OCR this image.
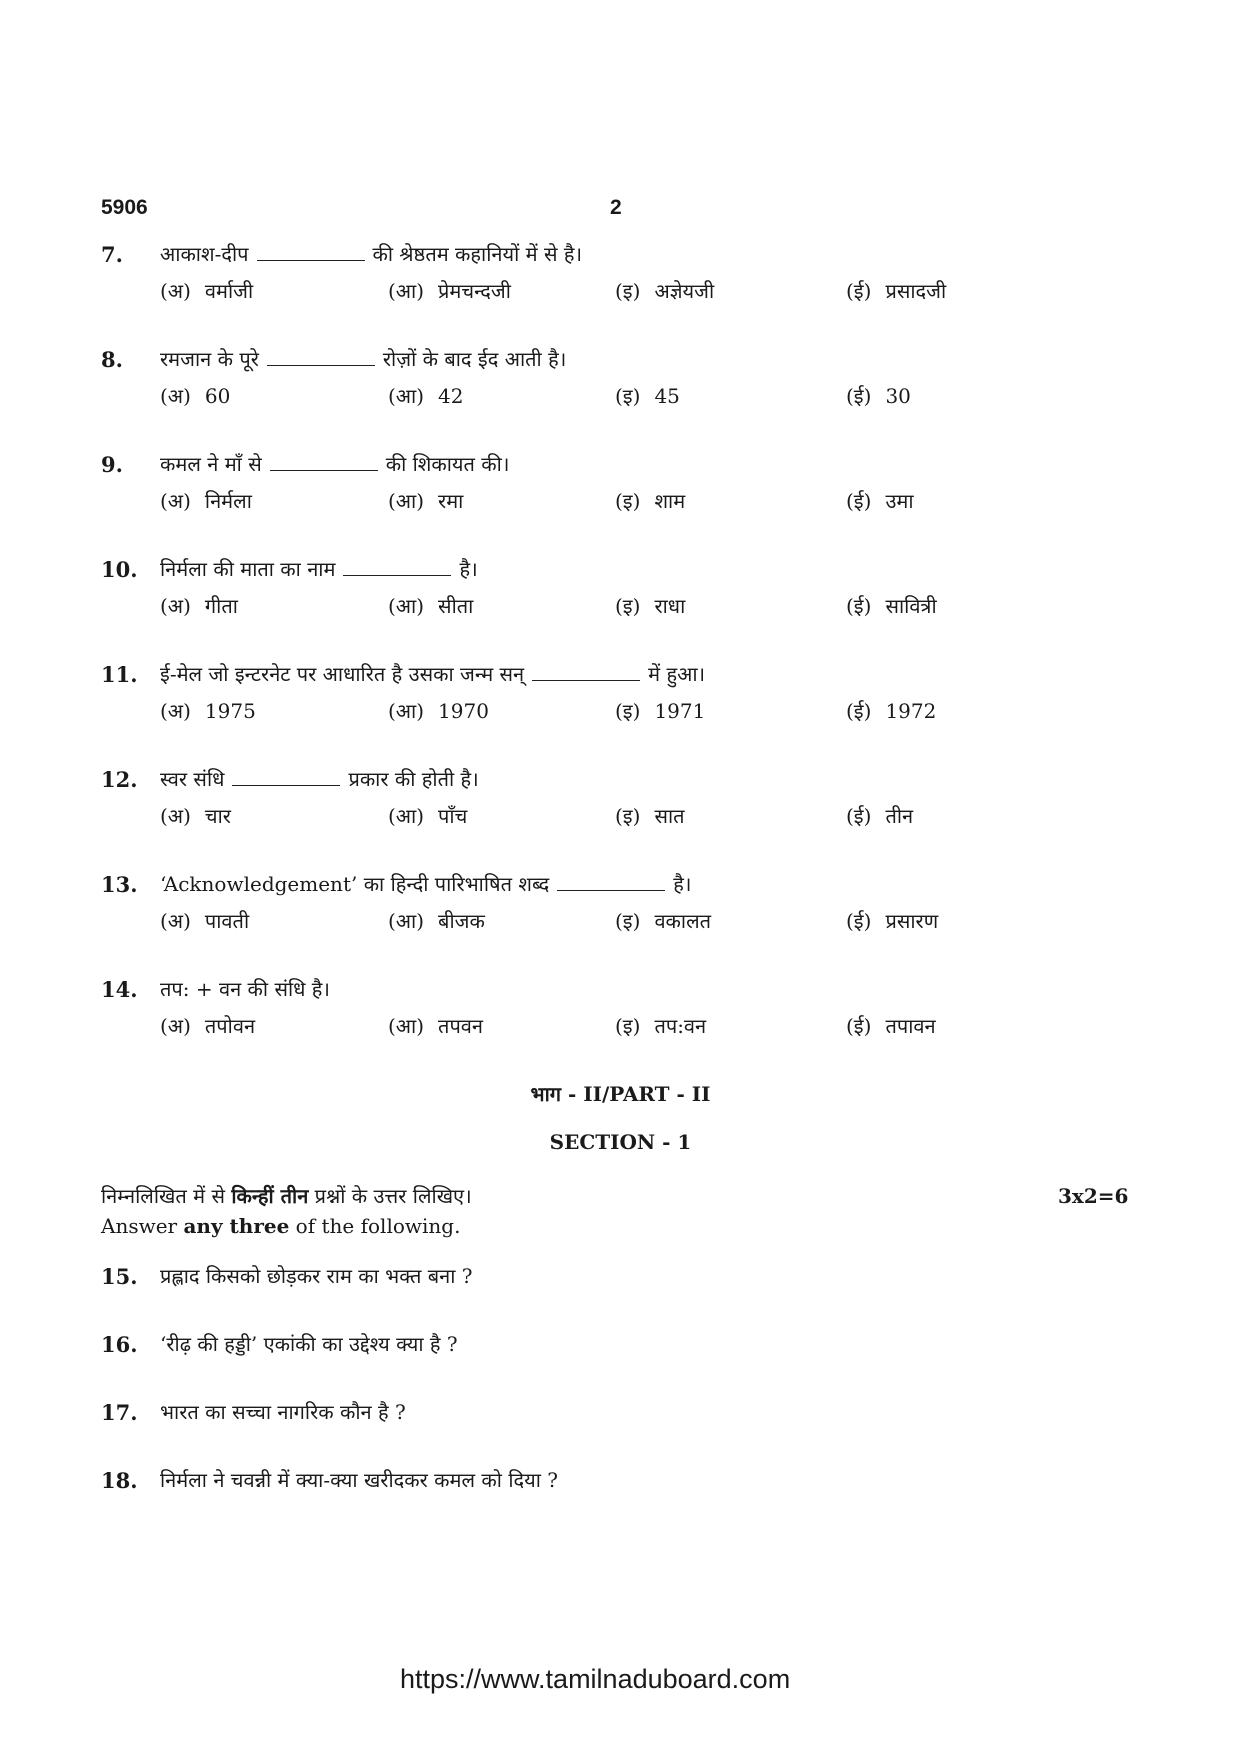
5906	2
7. आकाश-दीप	की श्रेष्ठतम कहानियों में से है।
(अ) वर्माजी	(आ) प्रेमचन्दजी	(इ) अज्ञेयजी	(ई) प्रसादजी
8. रमजान के पूरे	रोज़ों के बाद ईद आती है।
(अ) 60	(आ) 42	(इ) 45	(ई) 30
9. कमल ने माँ से	की शिकायत की।
(अ) निर्मला	(आ) रमा	(इ) शाम	(ई) उमा
10. निर्मला की माता का नाम	है।
(अ) गीता	(आ) सीता	(इ) राधा	(ई) सावित्री
11. ई-मेल जो इन्टरनेट पर आधारित है उसका जन्म सन्	में हुआ।
(अ) 1975	(आ) 1970	(इ) 1971	(ई) 1972
12. स्वर संधि	प्रकार की होती है।
(अ) चार	(आ) पाँच	(इ) सात	(ई) तीन
13. ‘Acknowledgement’ का हिन्दी पारिभाषित शब्द	है।
(अ) पावती	(आ) बीजक	(इ) वकालत	(ई) प्रसारण
14. तप: + वन की संधि है।
(अ) तपोवन	(आ) तपवन	(इ) तप:वन	(ई) तपावन
भाग - II/PART - II
SECTION - 1
निम्नलिखित में से किन्हीं तीन प्रश्नों के उत्तर लिखिए।	3x2=6
Answer any three of the following.
15. प्रह्लाद किसको छोड़कर राम का भक्त बना ?
16. ‘रीढ़ की हड्डी’ एकांकी का उद्देश्य क्या है ?
17. भारत का सच्चा नागरिक कौन है ?
18. निर्मला ने चवन्नी में क्या-क्या खरीदकर कमल को दिया ?
https://www.tamilnaduboard.com
